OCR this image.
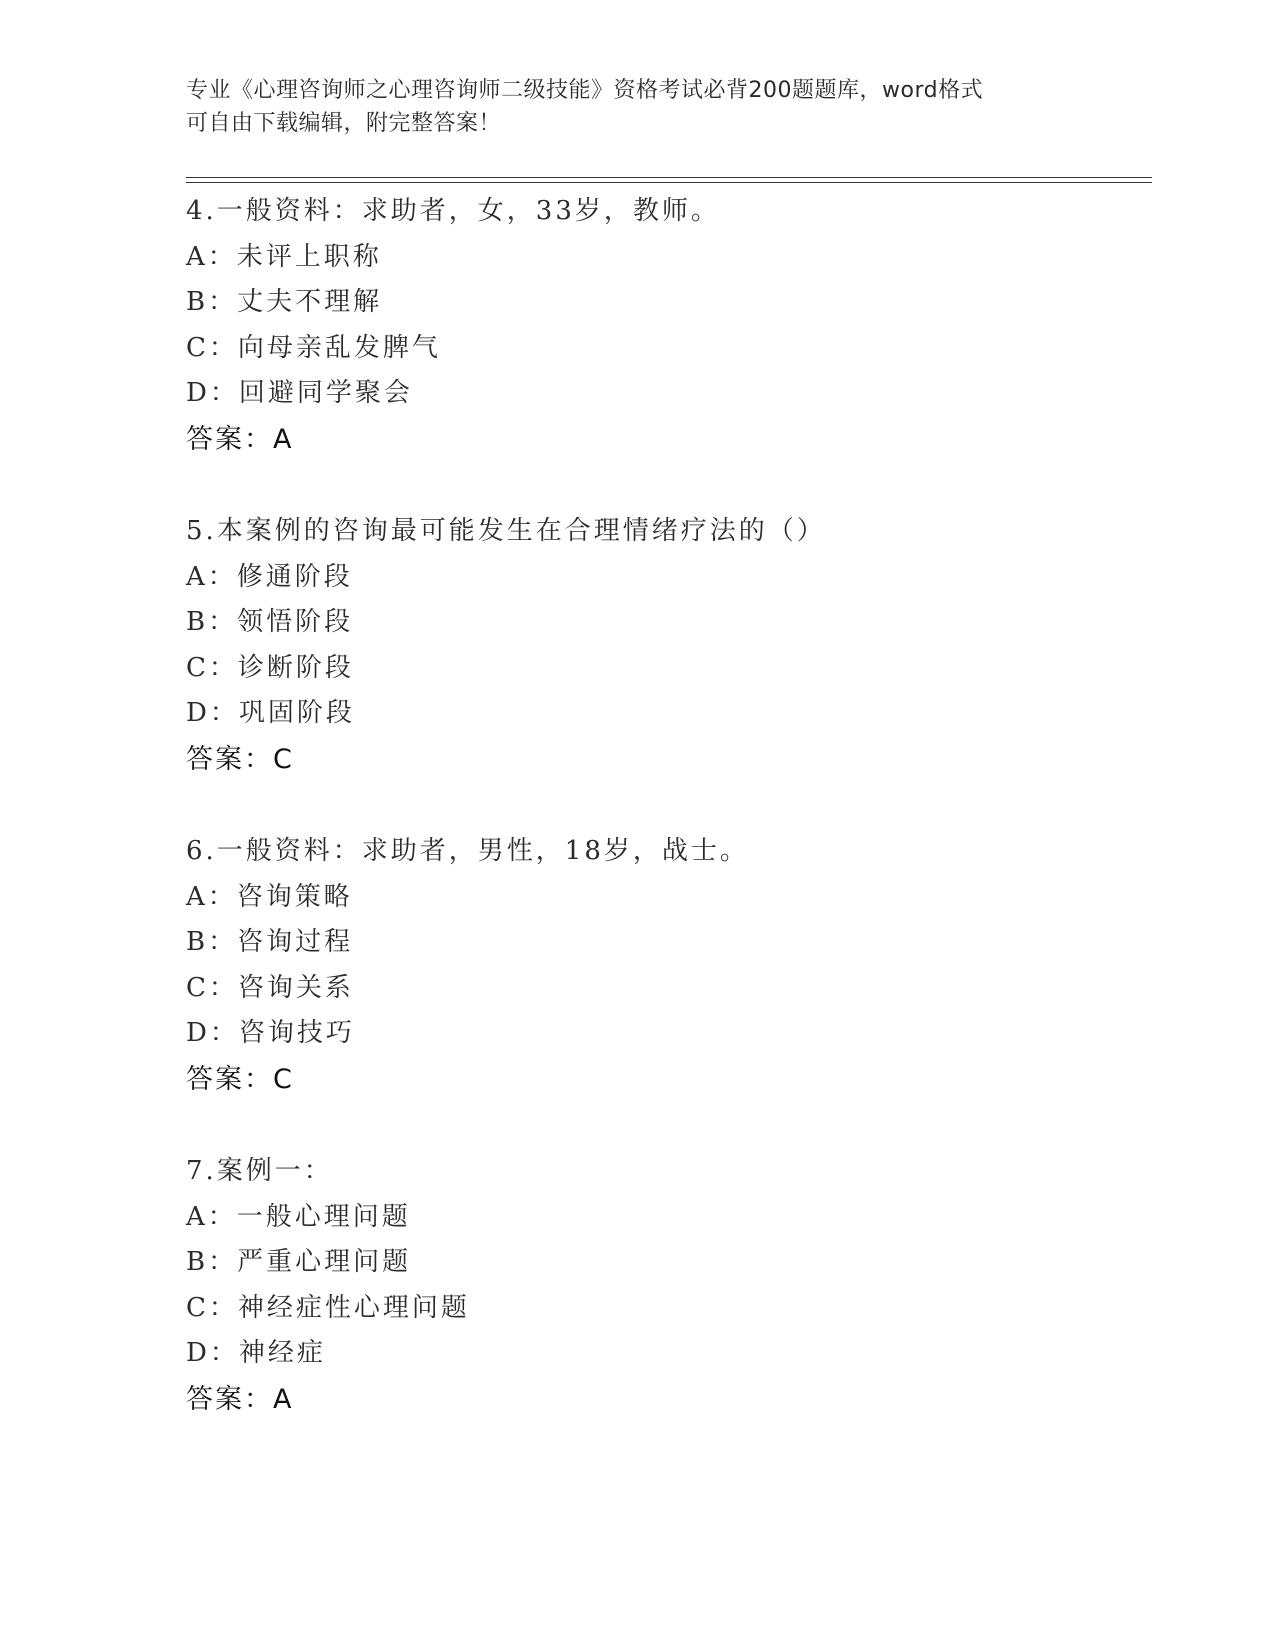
专业《心理咨询师之心理咨询师二级技能》资格考试必背200题题库，word格式
可自由下载编辑，附完整答案！
4.一般资料：求助者，女，33岁，教师。
A：未评上职称
B：丈夫不理解
C：向母亲乱发脾气
D：回避同学聚会
答案：A
5.本案例的咨询最可能发生在合理情绪疗法的（）
A：修通阶段
B：领悟阶段
C：诊断阶段
D：巩固阶段
答案：C
6.一般资料：求助者，男性，18岁，战士。
A：咨询策略
B：咨询过程
C：咨询关系
D：咨询技巧
答案：C
7.案例一：
A：一般心理问题
B：严重心理问题
C：神经症性心理问题
D：神经症
答案：A
